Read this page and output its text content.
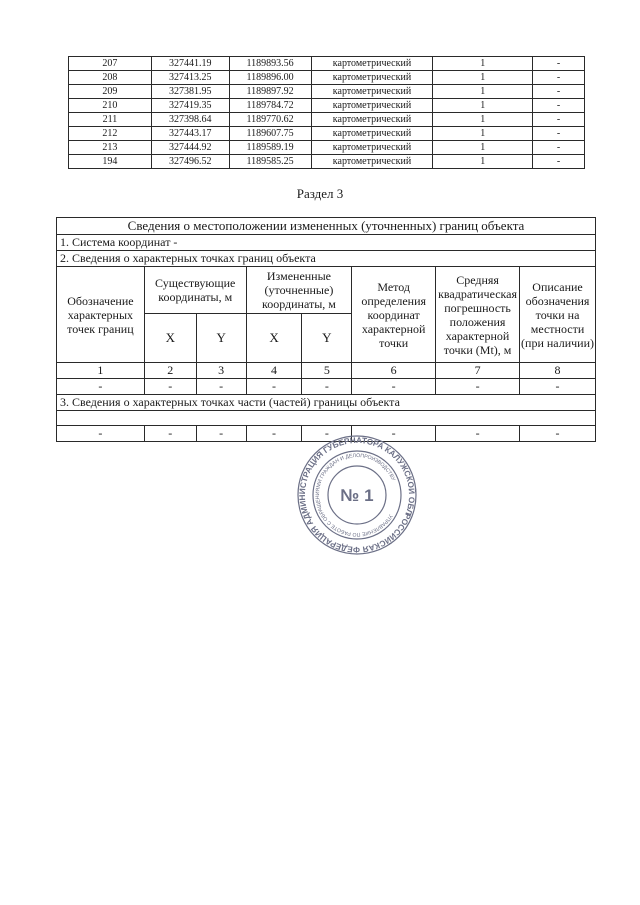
207	327441.19	1189893.56	картометрический	1	-
208	327413.25	1189896.00	картометрический	1	-
209	327381.95	1189897.92	картометрический	1	-
210	327419.35	1189784.72	картометрический	1	-
211	327398.64	1189770.62	картометрический	1	-
212	327443.17	1189607.75	картометрический	1	-
213	327444.92	1189589.19	картометрический	1	-
194	327496.52	1189585.25	картометрический	1	-
Раздел 3
Сведения о местоположении измененных (уточненных) границ объекта							
1. Система координат -							
2. Сведения о характерных точках границ объекта							
Обозначение характерных точек границ	Существующие координаты, м		Измененные (уточненные) координаты, м		Метод определения координат характерной точки	Средняя квадратическая погрешность положения характерной точки (Mt), м	Описание обозначения точки на местности (при наличии)
	X	Y	X	Y			
1	2	3	4	5	6	7	8
-	-	-	-	-	-	-	-
3. Сведения о характерных точках части (частей) границы объекта							

-	-	-	-	-	-	-	-
РОССИЙСКАЯ ФЕДЕРАЦИЯ АДМИНИСТРАЦИЯ ГУБЕРНАТОРА КАЛУЖСКОЙ ОБЛАСТИ
УПРАВЛЕНИЕ ПО РАБОТЕ С ОБРАЩЕНИЯМИ ГРАЖДАН И ДЕЛОПРОИЗВОДСТВУ
№ 1
